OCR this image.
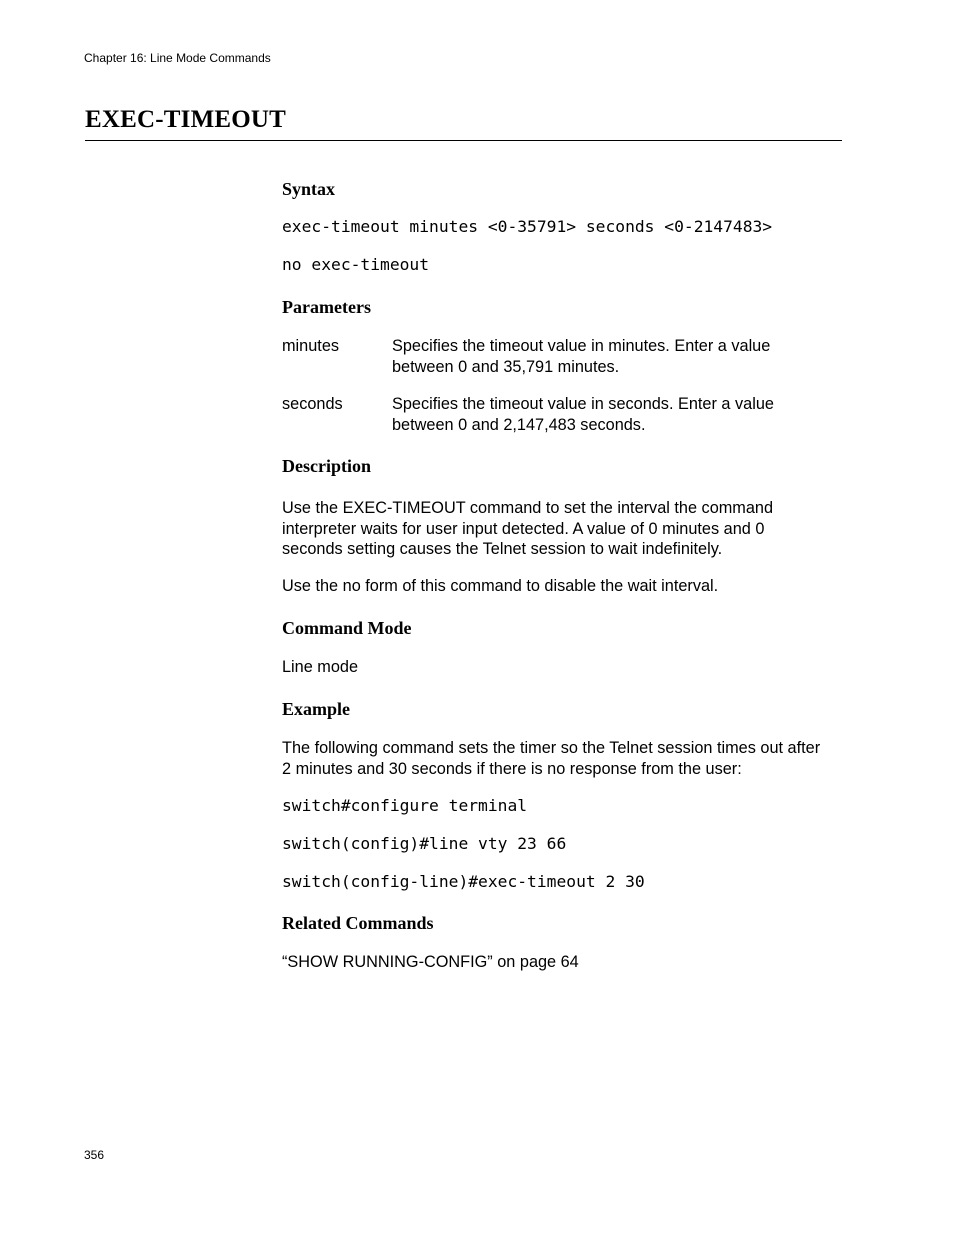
Chapter 16: Line Mode Commands
EXEC-TIMEOUT
Syntax
exec-timeout minutes <0-35791> seconds <0-2147483>
no exec-timeout
Parameters
minutes	Specifies the timeout value in minutes. Enter a value between 0 and 35,791 minutes.

seconds	Specifies the timeout value in seconds. Enter a value between 0 and 2,147,483 seconds.

Description

Use the EXEC-TIMEOUT command to set the interval the command interpreter waits for user input detected. A value of 0 minutes and 0 seconds setting causes the Telnet session to wait indefinitely.

Use the no form of this command to disable the wait interval.

Command Mode

Line mode

Example

The following command sets the timer so the Telnet session times out after 2 minutes and 30 seconds if there is no response from the user:

switch#configure terminal
switch(config)#line vty 23 66
switch(config-line)#exec-timeout 2 30
Related Commands

“SHOW RUNNING-CONFIG” on page 64

356
